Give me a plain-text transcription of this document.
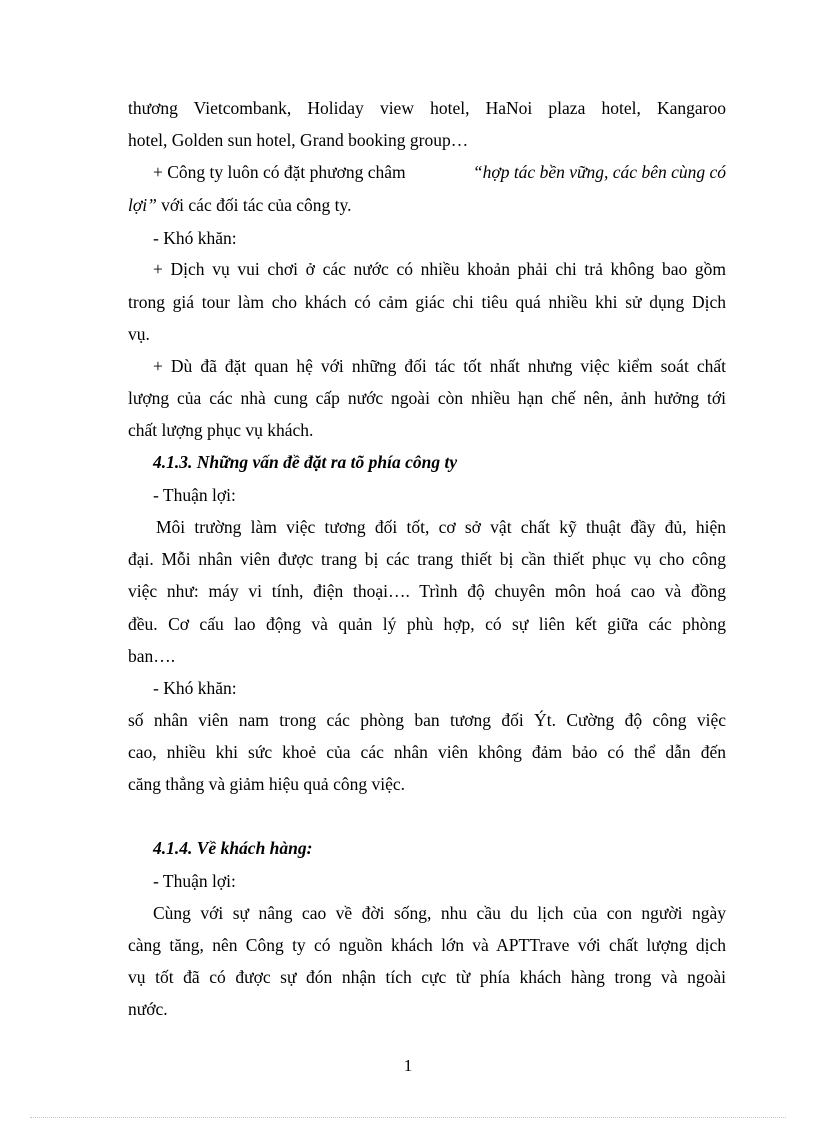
thương Vietcombank, Holiday view hotel, HaNoi plaza hotel, Kangaroo
hotel, Golden sun hotel, Grand booking group…
+ Công ty luôn có đặt phương châm	“hợp tác bền vững, các bên cùng có
lợi” với các đối tác của công ty.
- Khó khăn:
+ Dịch vụ vui chơi ở các nước có nhiều khoản phải chi trả không bao gồm
trong giá tour làm cho khách có cảm giác chi tiêu quá nhiều khi sử dụng Dịch
vụ.
+ Dù đã đặt quan hệ với những đối tác tốt nhất nhưng việc kiểm soát chất
lượng của các nhà cung cấp nước ngoài còn nhiều hạn chế nên, ảnh hưởng tới
chất lượng phục vụ khách.
4.1.3. Những vấn đề đặt ra tõ phía công ty
- Thuận lợi:
Môi trường làm việc tương đối tốt, cơ sở vật chất kỹ thuật đầy đủ, hiện
đại. Mỗi nhân viên được trang bị các trang thiết bị cần thiết phục vụ cho công
việc như: máy vi tính, điện thoại…. Trình độ chuyên môn hoá cao và đồng
đều. Cơ cấu lao động và quản lý phù hợp, có sự liên kết giữa các phòng
ban….
- Khó khăn:
số nhân viên nam trong các phòng ban tương đối Ýt. Cường độ công việc
cao, nhiều khi sức khoẻ của các nhân viên không đảm bảo có thể dẫn đến
căng thẳng và giảm hiệu quả công việc.
4.1.4. Về khách hàng:
- Thuận lợi:
Cùng với sự nâng cao về đời sống, nhu cầu du lịch của con người ngày
càng tăng, nên Công ty có nguồn khách lớn và APTTrave với chất lượng dịch
vụ tốt đã có được sự đón nhận tích cực từ phía khách hàng trong và ngoài
nước.
1
